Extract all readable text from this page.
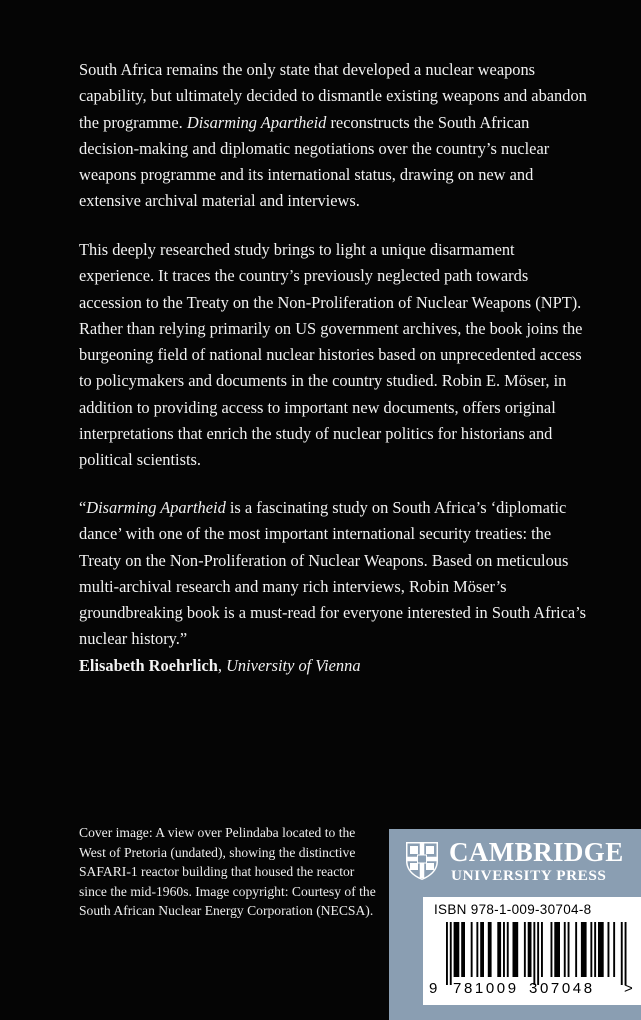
South Africa remains the only state that developed a nuclear weapons capability, but ultimately decided to dismantle existing weapons and abandon the programme. Disarming Apartheid reconstructs the South African decision-making and diplomatic negotiations over the country’s nuclear weapons programme and its international status, drawing on new and extensive archival material and interviews.

This deeply researched study brings to light a unique disarmament experience. It traces the country’s previously neglected path towards accession to the Treaty on the Non-Proliferation of Nuclear Weapons (NPT). Rather than relying primarily on US government archives, the book joins the burgeoning field of national nuclear histories based on unprecedented access to policymakers and documents in the country studied. Robin E. Möser, in addition to providing access to important new documents, offers original interpretations that enrich the study of nuclear politics for historians and political scientists.

“Disarming Apartheid is a fascinating study on South Africa’s ‘diplomatic dance’ with one of the most important international security treaties: the Treaty on the Non-Proliferation of Nuclear Weapons. Based on meticulous multi-archival research and many rich interviews, Robin Möser’s groundbreaking book is a must-read for everyone interested in South Africa’s nuclear history.”
Elisabeth Roehrlich, University of Vienna

Cover image: A view over Pelindaba located to the West of Pretoria (undated), showing the distinctive SAFARI-1 reactor building that housed the reactor since the mid-1960s. Image copyright: Courtesy of the South African Nuclear Energy Corporation (NECSA).

CAMBRIDGE
UNIVERSITY PRESS
ISBN 978-1-009-30704-8
9 781009 307048 >
